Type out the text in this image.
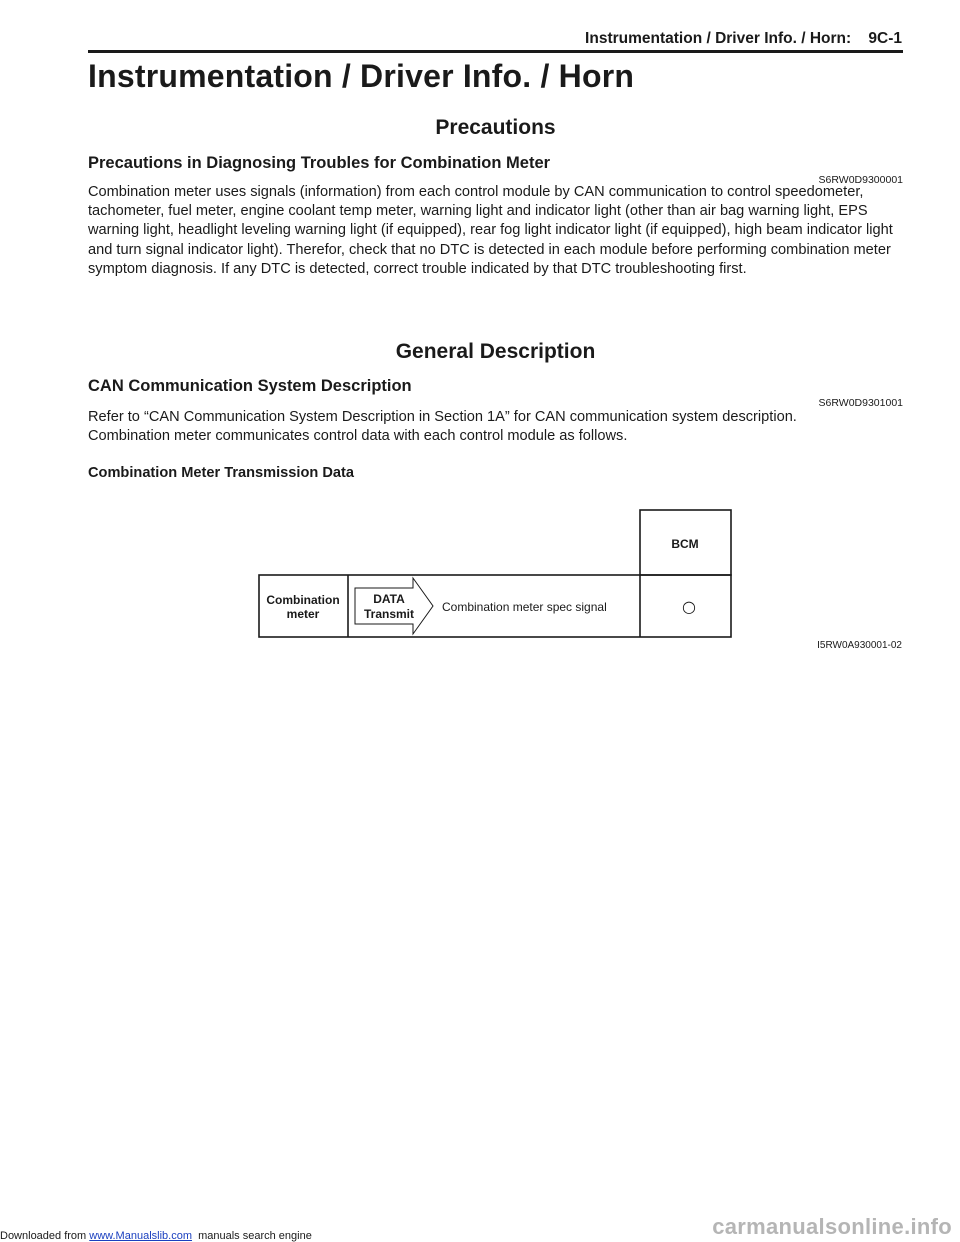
Instrumentation / Driver Info. / Horn: 9C-1
Instrumentation / Driver Info. / Horn
Precautions
Precautions in Diagnosing Troubles for Combination Meter
S6RW0D9300001

Combination meter uses signals (information) from each control module by CAN communication to control speedometer, tachometer, fuel meter, engine coolant temp meter, warning light and indicator light (other than air bag warning light, EPS warning light, headlight leveling warning light (if equipped), rear fog light indicator light (if equipped), high beam indicator light and turn signal indicator light). Therefor, check that no DTC is detected in each module before performing combination meter symptom diagnosis. If any DTC is detected, correct trouble indicated by that DTC troubleshooting first.

General Description
CAN Communication System Description
S6RW0D9301001

Refer to “CAN Communication System Description in Section 1A” for CAN communication system description.

Combination meter communicates control data with each control module as follows.

Combination Meter Transmission Data

BCM
Combination
meter
DATA
Transmit Combination meter spec signal	○
I5RW0A930001-02
Downloaded from www.Manualslib.com  manuals search engine	carmanualsonline.info
